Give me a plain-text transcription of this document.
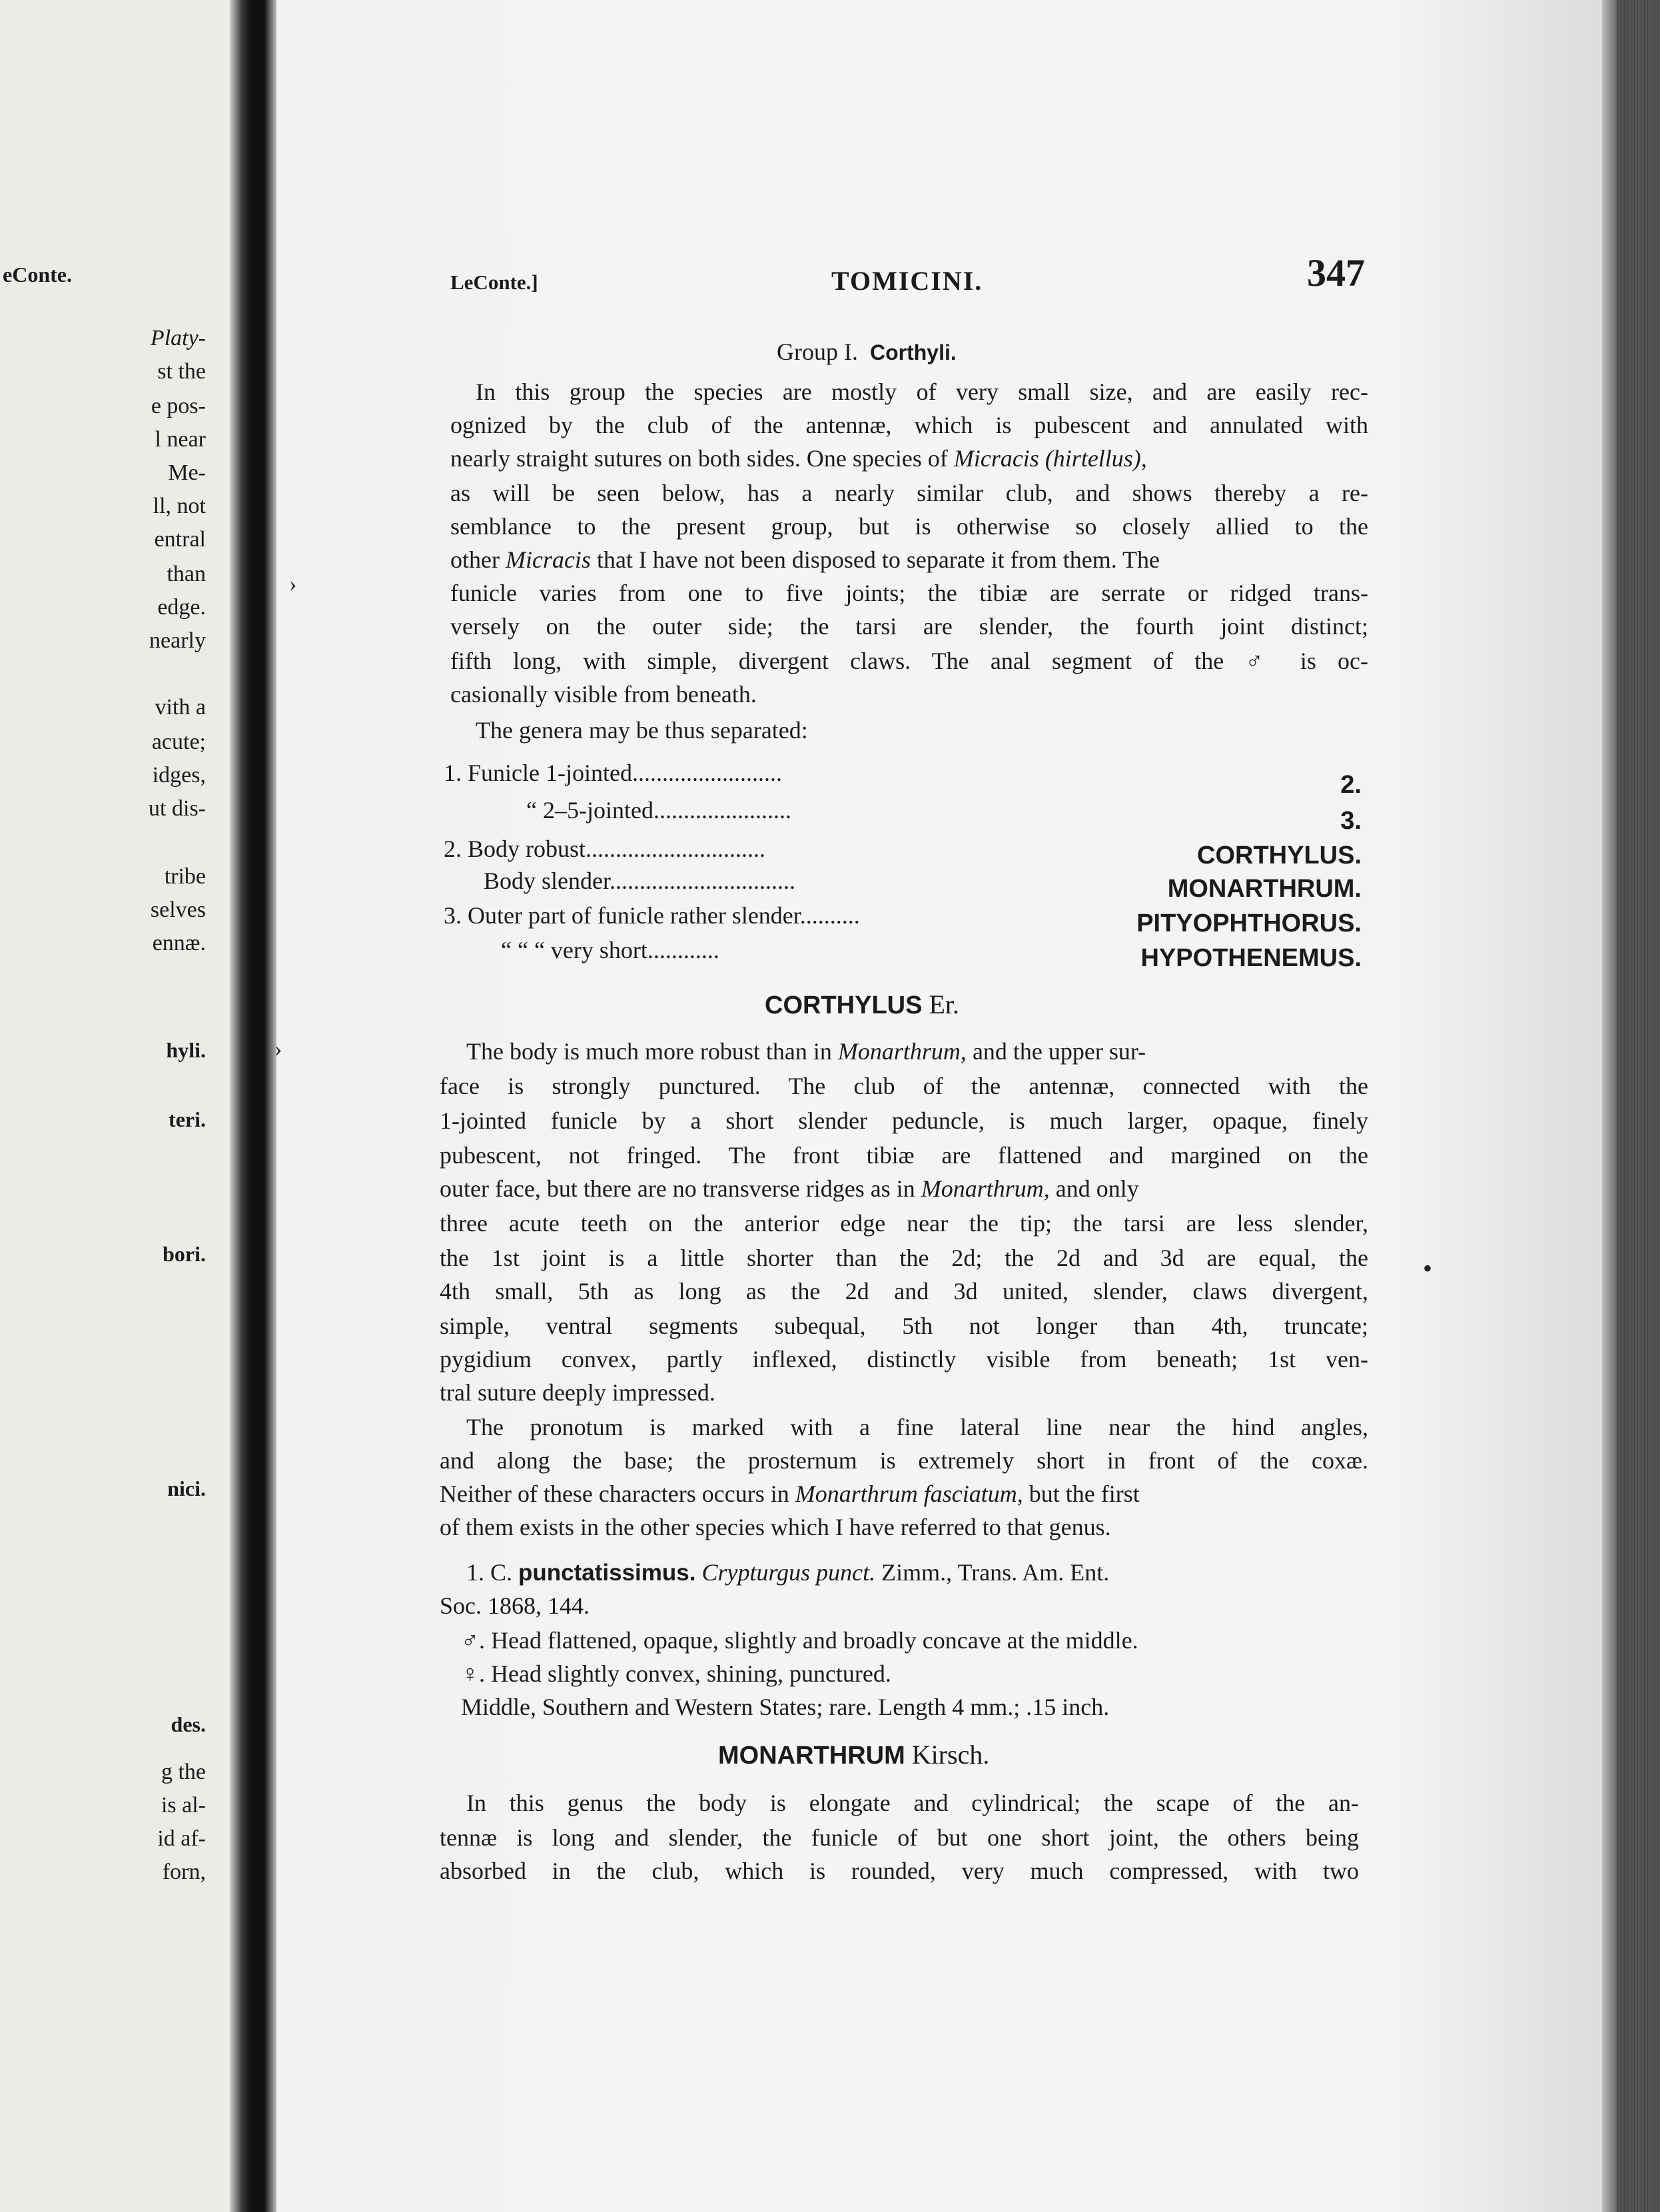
eConte.
Platy-
st the
e pos-
l near
Me-
ll, not
entral
than
edge.
nearly
vith a
acute;
idges,
ut dis-
tribe
selves
ennæ.
hyli.
teri.
bori.
nici.
des.
g the
is al-
id af-
forn,
LeConte.]	TOMICINI.	347
Group I. Corthyli.
In this group the species are mostly of very small size, and are easily rec-
ognized by the club of the antennæ, which is pubescent and annulated with
nearly straight sutures on both sides. One species of Micracis (hirtellus),
as will be seen below, has a nearly similar club, and shows thereby a re-
semblance to the present group, but is otherwise so closely allied to the
other Micracis that I have not been disposed to separate it from them. The
funicle varies from one to five joints; the tibiæ are serrate or ridged trans-
versely on the outer side; the tarsi are slender, the fourth joint distinct;
fifth long, with simple, divergent claws. The anal segment of the ♂ is oc-
casionally visible from beneath.
The genera may be thus separated:
1. Funicle 1-jointed.........................	2.
“ 2–5-jointed.......................	3.
2. Body robust..............................	CORTHYLUS.
Body slender...............................	MONARTHRUM.
3. Outer part of funicle rather slender..........	PITYOPHTHORUS.
“ “ “ very short............	HYPOTHENEMUS.
CORTHYLUS Er.
The body is much more robust than in Monarthrum, and the upper sur-
face is strongly punctured. The club of the antennæ, connected with the
1-jointed funicle by a short slender peduncle, is much larger, opaque, finely
pubescent, not fringed. The front tibiæ are flattened and margined on the
outer face, but there are no transverse ridges as in Monarthrum, and only
three acute teeth on the anterior edge near the tip; the tarsi are less slender,
the 1st joint is a little shorter than the 2d; the 2d and 3d are equal, the
4th small, 5th as long as the 2d and 3d united, slender, claws divergent,
simple, ventral segments subequal, 5th not longer than 4th, truncate;
pygidium convex, partly inflexed, distinctly visible from beneath; 1st ven-
tral suture deeply impressed.
The pronotum is marked with a fine lateral line near the hind angles,
and along the base; the prosternum is extremely short in front of the coxæ.
Neither of these characters occurs in Monarthrum fasciatum, but the first
of them exists in the other species which I have referred to that genus.
1. C. punctatissimus. Crypturgus punct. Zimm., Trans. Am. Ent.
Soc. 1868, 144.
♂. Head flattened, opaque, slightly and broadly concave at the middle.
♀. Head slightly convex, shining, punctured.
Middle, Southern and Western States; rare. Length 4 mm.; .15 inch.
MONARTHRUM Kirsch.
In this genus the body is elongate and cylindrical; the scape of the an-
tennæ is long and slender, the funicle of but one short joint, the others being
absorbed in the club, which is rounded, very much compressed, with two
›
›
•
